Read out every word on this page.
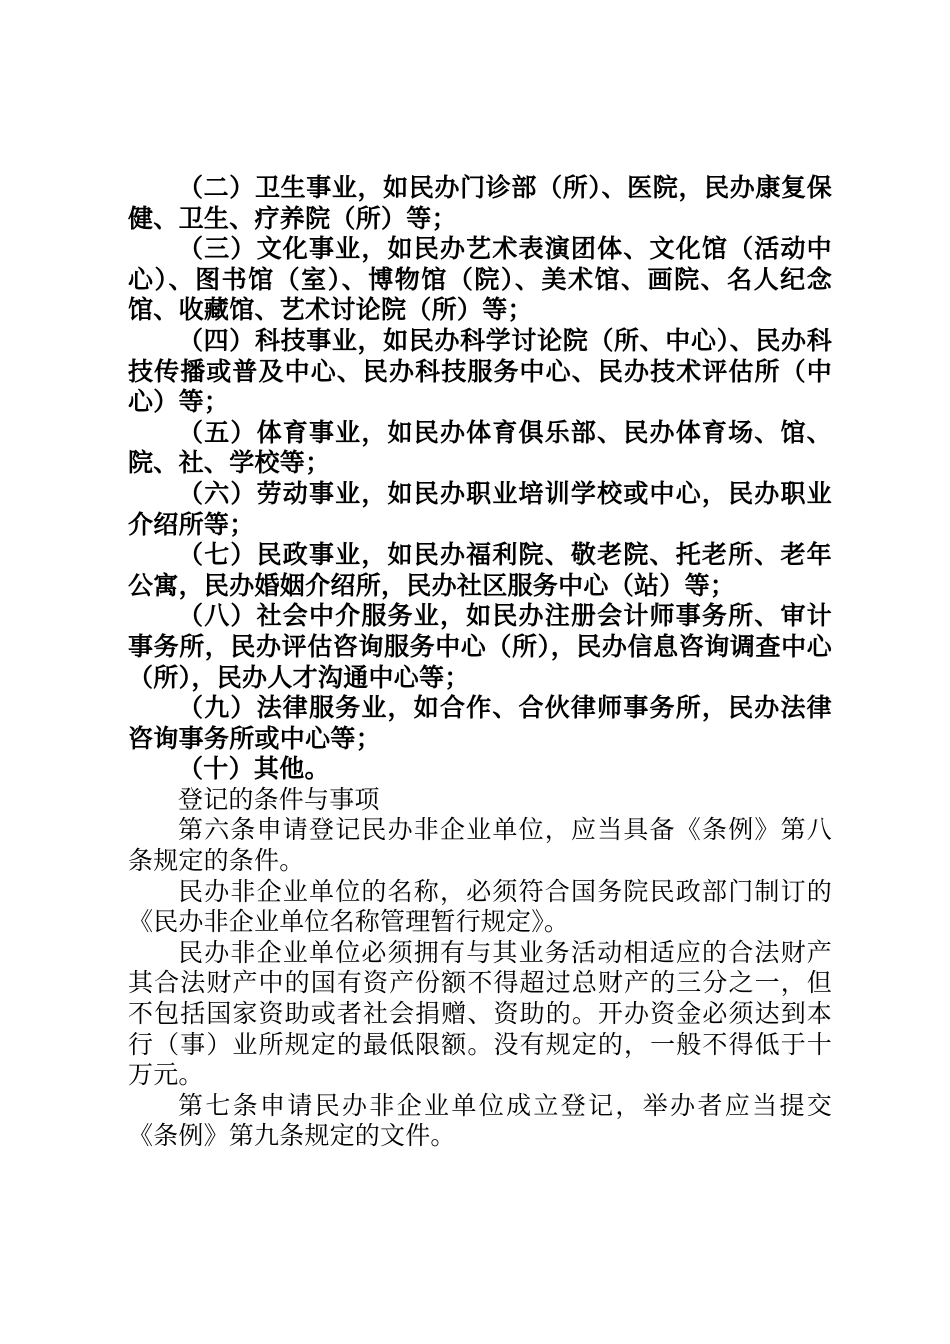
（二）卫生事业，如民办门诊部（所）、医院，民办康复保健、卫生、疗养院（所）等；

（三）文化事业，如民办艺术表演团体、文化馆（活动中心）、图书馆（室）、博物馆（院）、美术馆、画院、名人纪念馆、收藏馆、艺术讨论院（所）等；

（四）科技事业，如民办科学讨论院（所、中心）、民办科技传播或普及中心、民办科技服务中心、民办技术评估所（中心）等；

（五）体育事业，如民办体育俱乐部、民办体育场、馆、院、社、学校等；

（六）劳动事业，如民办职业培训学校或中心，民办职业介绍所等；

（七）民政事业，如民办福利院、敬老院、托老所、老年公寓，民办婚姻介绍所，民办社区服务中心（站）等；

（八）社会中介服务业，如民办注册会计师事务所、审计事务所，民办评估咨询服务中心（所），民办信息咨询调查中心（所），民办人才沟通中心等；

（九）法律服务业，如合作、合伙律师事务所，民办法律咨询事务所或中心等；

（十）其他。

登记的条件与事项

第六条申请登记民办非企业单位，应当具备《条例》第八条规定的条件。

民办非企业单位的名称，必须符合国务院民政部门制订的《民办非企业单位名称管理暂行规定》。

民办非企业单位必须拥有与其业务活动相适应的合法财产其合法财产中的国有资产份额不得超过总财产的三分之一，但不包括国家资助或者社会捐赠、资助的。开办资金必须达到本行（事）业所规定的最低限额。没有规定的，一般不得低于十万元。

第七条申请民办非企业单位成立登记，举办者应当提交《条例》第九条规定的文件。
